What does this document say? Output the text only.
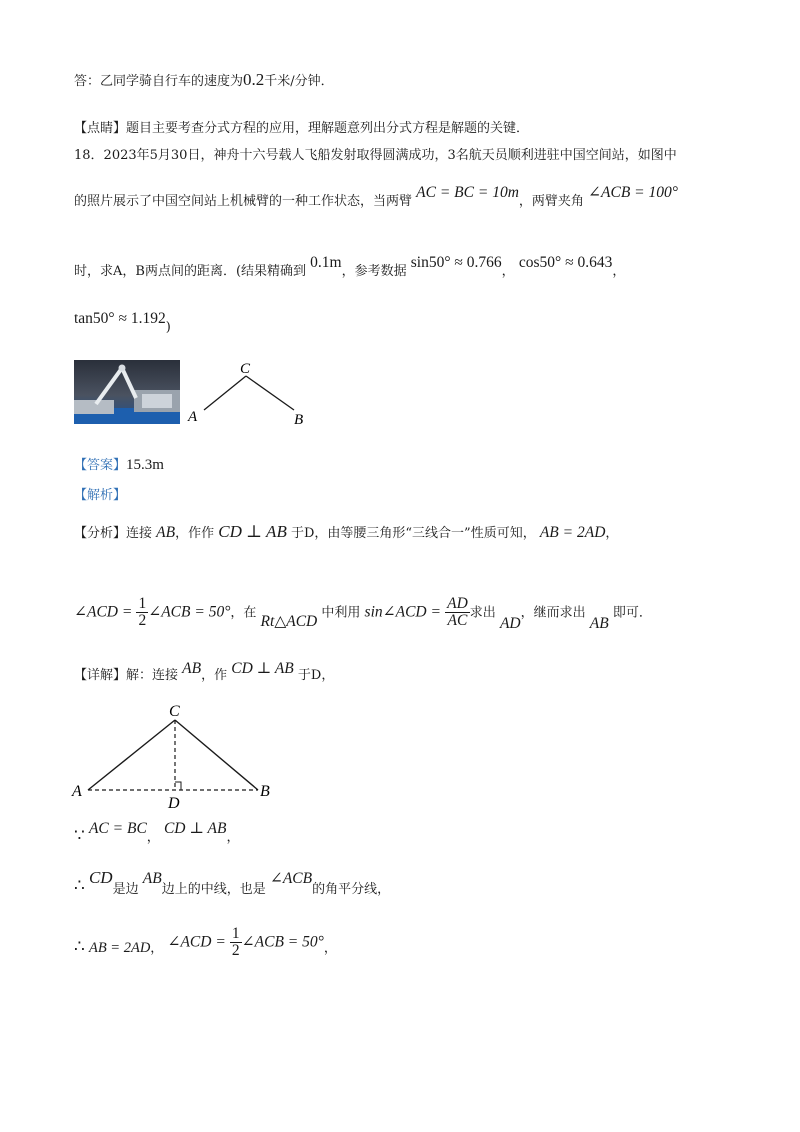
答：乙同学骑自行车的速度为0.2千米/分钟．
【点睛】题目主要考查分式方程的应用，理解题意列出分式方程是解题的关键．
18．2023年5月30日，神舟十六号载人飞船发射取得圆满成功，3名航天员顺利进驻中国空间站，如图中
的照片展示了中国空间站上机械臂的一种工作状态，当两臂 AC = BC = 10m，两臂夹角 ∠ACB = 100°
时，求A，B两点间的距离．(结果精确到 0.1m，参考数据 sin50° ≈ 0.766， cos50° ≈ 0.643，
tan50° ≈ 1.192)
C
A	B
【答案】15.3m
【解析】
【分析】连接 AB，作作 CD ⊥ AB 于D，由等腰三角形“三线合一”性质可知， AB = 2AD，
∠ACD = $\frac{1}{2}$ ∠ACB = 50°，在 Rt△ACD 中利用 sin∠ACD = $\frac{AD}{AC}$ 求出 AD，继而求出 AB 即可．
【详解】解：连接 AB，作 CD ⊥ AB 于D，
C
A	B
D
∵ AC = BC， CD ⊥ AB，
∴ CD是边 AB边上的中线，也是 ∠ACB的角平分线，
∴ AB = 2AD， ∠ACD = $\frac{1}{2}$ ∠ACB = 50°，
